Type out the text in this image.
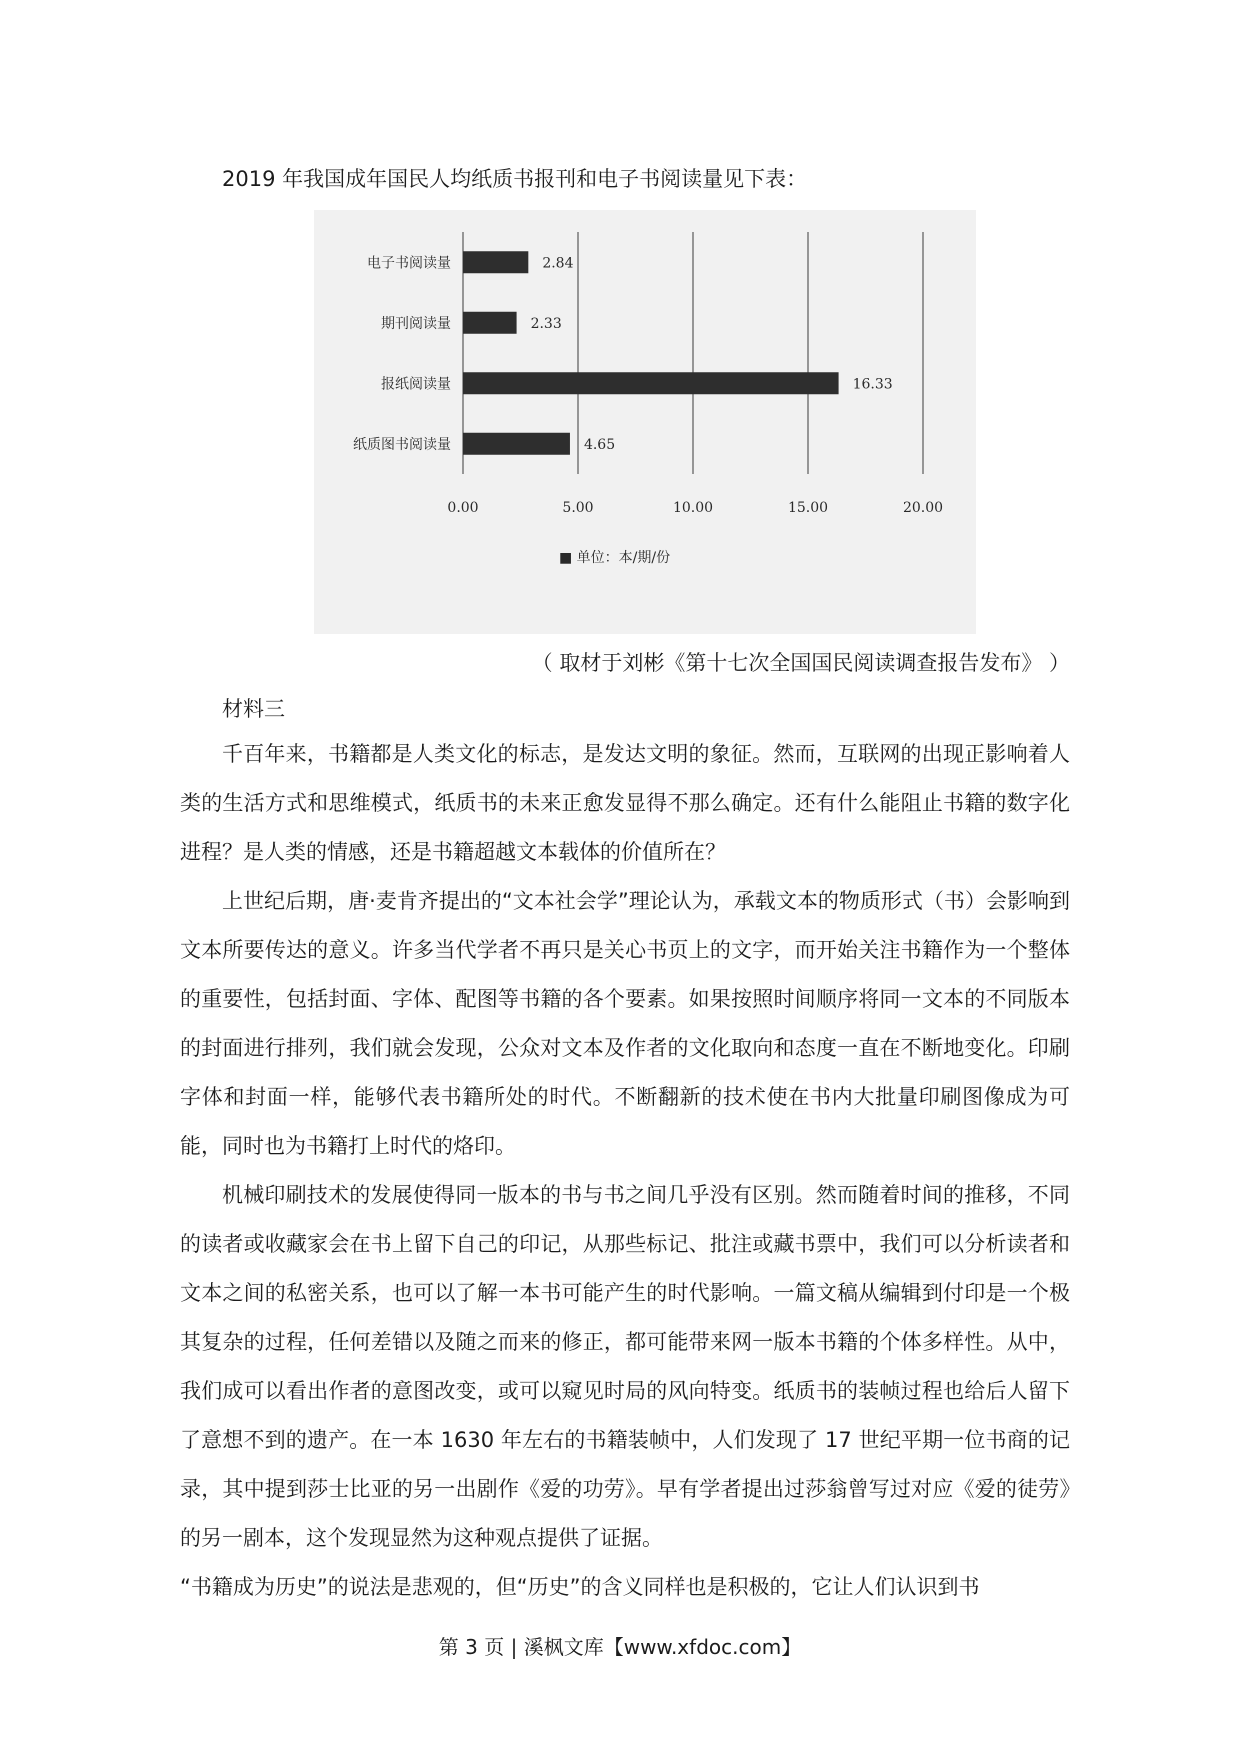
2019 年我国成年国民人均纸质书报刊和电子书阅读量见下表：

0.00	5.00	10.00	15.00	20.00
电子书阅读量	2.84
期刊阅读量	2.33
报纸阅读量	16.33
纸质图书阅读量	4.65
■ 单位：本/期/份

（ 取材于刘彬《第十七次全国国民阅读调查报告发布》 ）

材料三

千百年来，书籍都是人类文化的标志，是发达文明的象征。然而，互联网的出现正影响着人类的生活方式和思维模式，纸质书的未来正愈发显得不那么确定。还有什么能阻止书籍的数字化进程？是人类的情感，还是书籍超越文本载体的价值所在？

上世纪后期，唐·麦肯齐提出的“文本社会学”理论认为，承载文本的物质形式（书）会影响到文本所要传达的意义。许多当代学者不再只是关心书页上的文字，而开始关注书籍作为一个整体的重要性，包括封面、字体、配图等书籍的各个要素。如果按照时间顺序将同一文本的不同版本的封面进行排列，我们就会发现，公众对文本及作者的文化取向和态度一直在不断地变化。印刷字体和封面一样，能够代表书籍所处的时代。不断翻新的技术使在书内大批量印刷图像成为可能，同时也为书籍打上时代的烙印。

机械印刷技术的发展使得同一版本的书与书之间几乎没有区别。然而随着时间的推移，不同的读者或收藏家会在书上留下自己的印记，从那些标记、批注或藏书票中，我们可以分析读者和文本之间的私密关系，也可以了解一本书可能产生的时代影响。一篇文稿从编辑到付印是一个极其复杂的过程，任何差错以及随之而来的修正，都可能带来网一版本书籍的个体多样性。从中，我们成可以看出作者的意图改变，或可以窥见时局的风向特变。纸质书的装帧过程也给后人留下了意想不到的遗产。在一本 1630 年左右的书籍装帧中，人们发现了 17 世纪平期一位书商的记录，其中提到莎士比亚的另一出剧作《爱的功劳》。早有学者提出过莎翁曾写过对应《爱的徒劳》的另一剧本，这个发现显然为这种观点提供了证据。

“书籍成为历史”的说法是悲观的，但“历史”的含义同样也是积极的，它让人们认识到书

第 3 页 | 溪枫文库【www.xfdoc.com】
